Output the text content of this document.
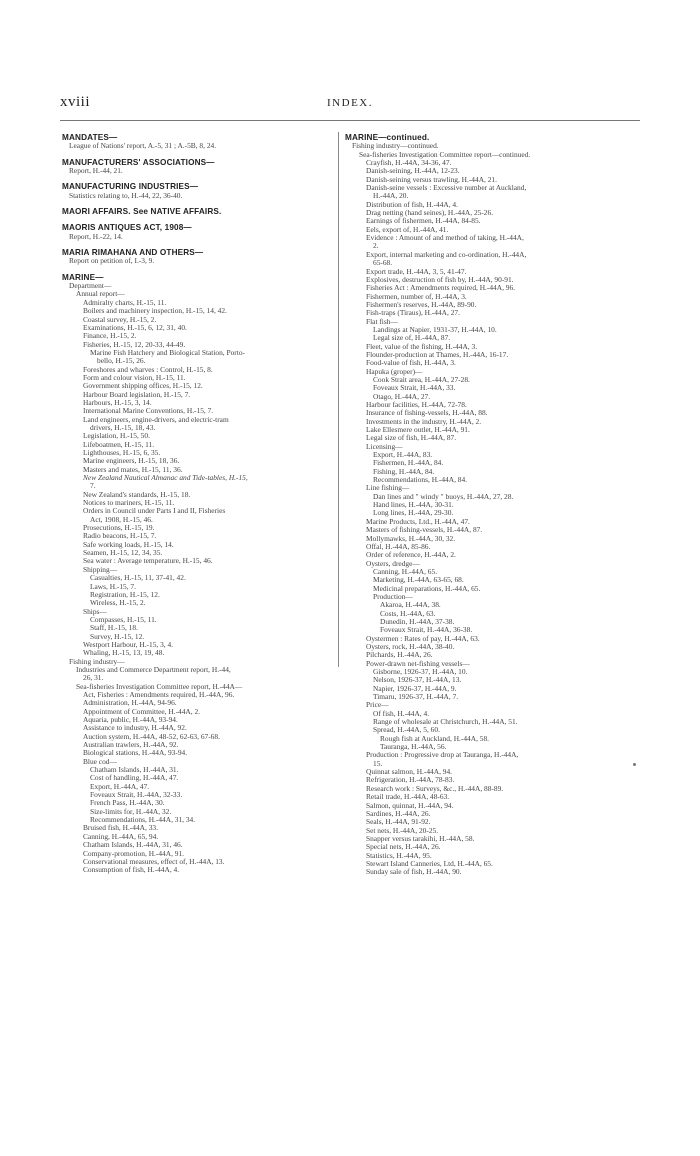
xviii	INDEX.
MANDATES—
League of Nations' report, A.-5, 31 ; A.-5B, 8, 24.
MANUFACTURERS' ASSOCIATIONS—
Report, H.-44, 21.
MANUFACTURING INDUSTRIES—
Statistics relating to, H.-44, 22, 36-40.
MAORI AFFAIRS. See NATIVE AFFAIRS.
MAORIS ANTIQUES ACT, 1908—
Report, H.-22, 14.
MARIA RIMAHANA AND OTHERS—
Report on petition of, I.-3, 9.
MARINE—
Department—
Annual report—
Admiralty charts, H.-15, 11.
Boilers and machinery inspection, H.-15, 14, 42.
Coastal survey, H.-15, 2.
Examinations, H.-15, 6, 12, 31, 40.
Finance, H.-15, 2.
Fisheries, H.-15, 12, 20-33, 44-49.
Marine Fish Hatchery and Biological Station, Porto-
bello, H.-15, 26.
Foreshores and wharves : Control, H.-15, 8.
Form and colour vision, H.-15, 11.
Government shipping offices, H.-15, 12.
Harbour Board legislation, H.-15, 7.
Harbours, H.-15, 3, 14.
International Marine Conventions, H.-15, 7.
Land engineers, engine-drivers, and electric-tram
drivers, H.-15, 18, 43.
Legislation, H.-15, 50.
Lifeboatmen, H.-15, 11.
Lighthouses, H.-15, 6, 35.
Marine engineers, H.-15, 18, 36.
Masters and mates, H.-15, 11, 36.
New Zealand Nautical Almanac and Tide-tables, H.-15,
7.
New Zealand's standards, H.-15, 18.
Notices to mariners, H.-15, 11.
Orders in Council under Parts I and II, Fisheries
Act, 1908, H.-15, 46.
Prosecutions, H.-15, 19.
Radio beacons, H.-15, 7.
Safe working loads, H.-15, 14.
Seamen, H.-15, 12, 34, 35.
Sea water : Average temperature, H.-15, 46.
Shipping—
Casualties, H.-15, 11, 37-41, 42.
Laws, H.-15, 7.
Registration, H.-15, 12.
Wireless, H.-15, 2.
Ships—
Compasses, H.-15, 11.
Staff, H.-15, 18.
Survey, H.-15, 12.
Westport Harbour, H.-15, 3, 4.
Whaling, H.-15, 13, 19, 48.
Fishing industry—
Industries and Commerce Department report, H.-44,
26, 31.
Sea-fisheries Investigation Committee report, H.-44A—
Act, Fisheries : Amendments required, H.-44A, 96.
Administration, H.-44A, 94-96.
Appointment of Committee, H.-44A, 2.
Aquaria, public, H.-44A, 93-94.
Assistance to industry, H.-44A, 92.
Auction system, H.-44A, 48-52, 62-63, 67-68.
Australian trawlers, H.-44A, 92.
Biological stations, H.-44A, 93-94.
Blue cod—
Chatham Islands, H.-44A, 31.
Cost of handling, H.-44A, 47.
Export, H.-44A, 47.
Foveaux Strait, H.-44A, 32-33.
French Pass, H.-44A, 30.
Size-limits for, H.-44A, 32.
Recommendations, H.-44A, 31, 34.
Bruised fish, H.-44A, 33.
Canning, H.-44A, 65, 94.
Chatham Islands, H.-44A, 31, 46.
Company-promotion, H.-44A, 91.
Conservational measures, effect of, H.-44A, 13.
Consumption of fish, H.-44A, 4.
MARINE—continued.
Fishing industry—continued.
Sea-fisheries Investigation Committee report—continued.
Crayfish, H.-44A, 34-36, 47.
Danish-seining, H.-44A, 12-23.
Danish-seining versus trawling, H.-44A, 21.
Danish-seine vessels : Excessive number at Auckland,
H.-44A, 20.
Distribution of fish, H.-44A, 4.
Drag netting (hand seines), H.-44A, 25-26.
Earnings of fishermen, H.-44A, 84-85.
Eels, export of, H.-44A, 41.
Evidence : Amount of and method of taking, H.-44A,
2.
Export, internal marketing and co-ordination, H.-44A,
65-68.
Export trade, H.-44A, 3, 5, 41-47.
Explosives, destruction of fish by, H.-44A, 90-91.
Fisheries Act : Amendments required, H.-44A, 96.
Fishermen, number of, H.-44A, 3.
Fishermen's reserves, H.-44A, 89-90.
Fish-traps (Tiraus), H.-44A, 27.
Flat fish—
Landings at Napier, 1931-37, H.-44A, 10.
Legal size of, H.-44A, 87.
Fleet, value of the fishing, H.-44A, 3.
Flounder-production at Thames, H.-44A, 16-17.
Food-value of fish, H.-44A, 3.
Hapuka (groper)—
Cook Strait area, H.-44A, 27-28.
Foveaux Strait, H.-44A, 33.
Otago, H.-44A, 27.
Harbour facilities, H.-44A, 72-78.
Insurance of fishing-vessels, H.-44A, 88.
Investments in the industry, H.-44A, 2.
Lake Ellesmere outlet, H.-44A, 91.
Legal size of fish, H.-44A, 87.
Licensing—
Export, H.-44A, 83.
Fishermen, H.-44A, 84.
Fishing, H.-44A, 84.
Recommendations, H.-44A, 84.
Line fishing—
Dan lines and " windy " buoys, H.-44A, 27, 28.
Hand lines, H.-44A, 30-31.
Long lines, H.-44A, 29-30.
Marine Products, Ltd., H.-44A, 47.
Masters of fishing-vessels, H.-44A, 87.
Mollymawks, H.-44A, 30, 32.
Offal, H.-44A, 85-86.
Order of reference, H.-44A, 2.
Oysters, dredge—
Canning, H.-44A, 65.
Marketing, H.-44A, 63-65, 68.
Medicinal preparations, H.-44A, 65.
Production—
Akaroa, H.-44A, 38.
Costs, H.-44A, 63.
Dunedin, H.-44A, 37-38.
Foveaux Strait, H.-44A, 36-38.
Oystermen : Rates of pay, H.-44A, 63.
Oysters, rock, H.-44A, 38-40.
Pilchards, H.-44A, 26.
Power-drawn net-fishing vessels—
Gisborne, 1926-37, H.-44A, 10.
Nelson, 1926-37, H.-44A, 13.
Napier, 1926-37, H.-44A, 9.
Timaru, 1926-37, H.-44A, 7.
Price—
Of fish, H.-44A, 4.
Range of wholesale at Christchurch, H.-44A, 51.
Spread, H.-44A, 5, 60.
Rough fish at Auckland, H.-44A, 58.
Tauranga, H.-44A, 56.
Production : Progressive drop at Tauranga, H.-44A,
15.
Quinnat salmon, H.-44A, 94.
Refrigeration, H.-44A, 78-83.
Research work : Surveys, &c., H.-44A, 88-89.
Retail trade, H.-44A, 48-63.
Salmon, quinnat, H.-44A, 94.
Sardines, H.-44A, 26.
Seals, H.-44A, 91-92.
Set nets, H.-44A, 20-25.
Snapper versus tarakihi, H.-44A, 58.
Special nets, H.-44A, 26.
Statistics, H.-44A, 95.
Stewart Island Canneries, Ltd, H.-44A, 65.
Sunday sale of fish, H.-44A, 90.
